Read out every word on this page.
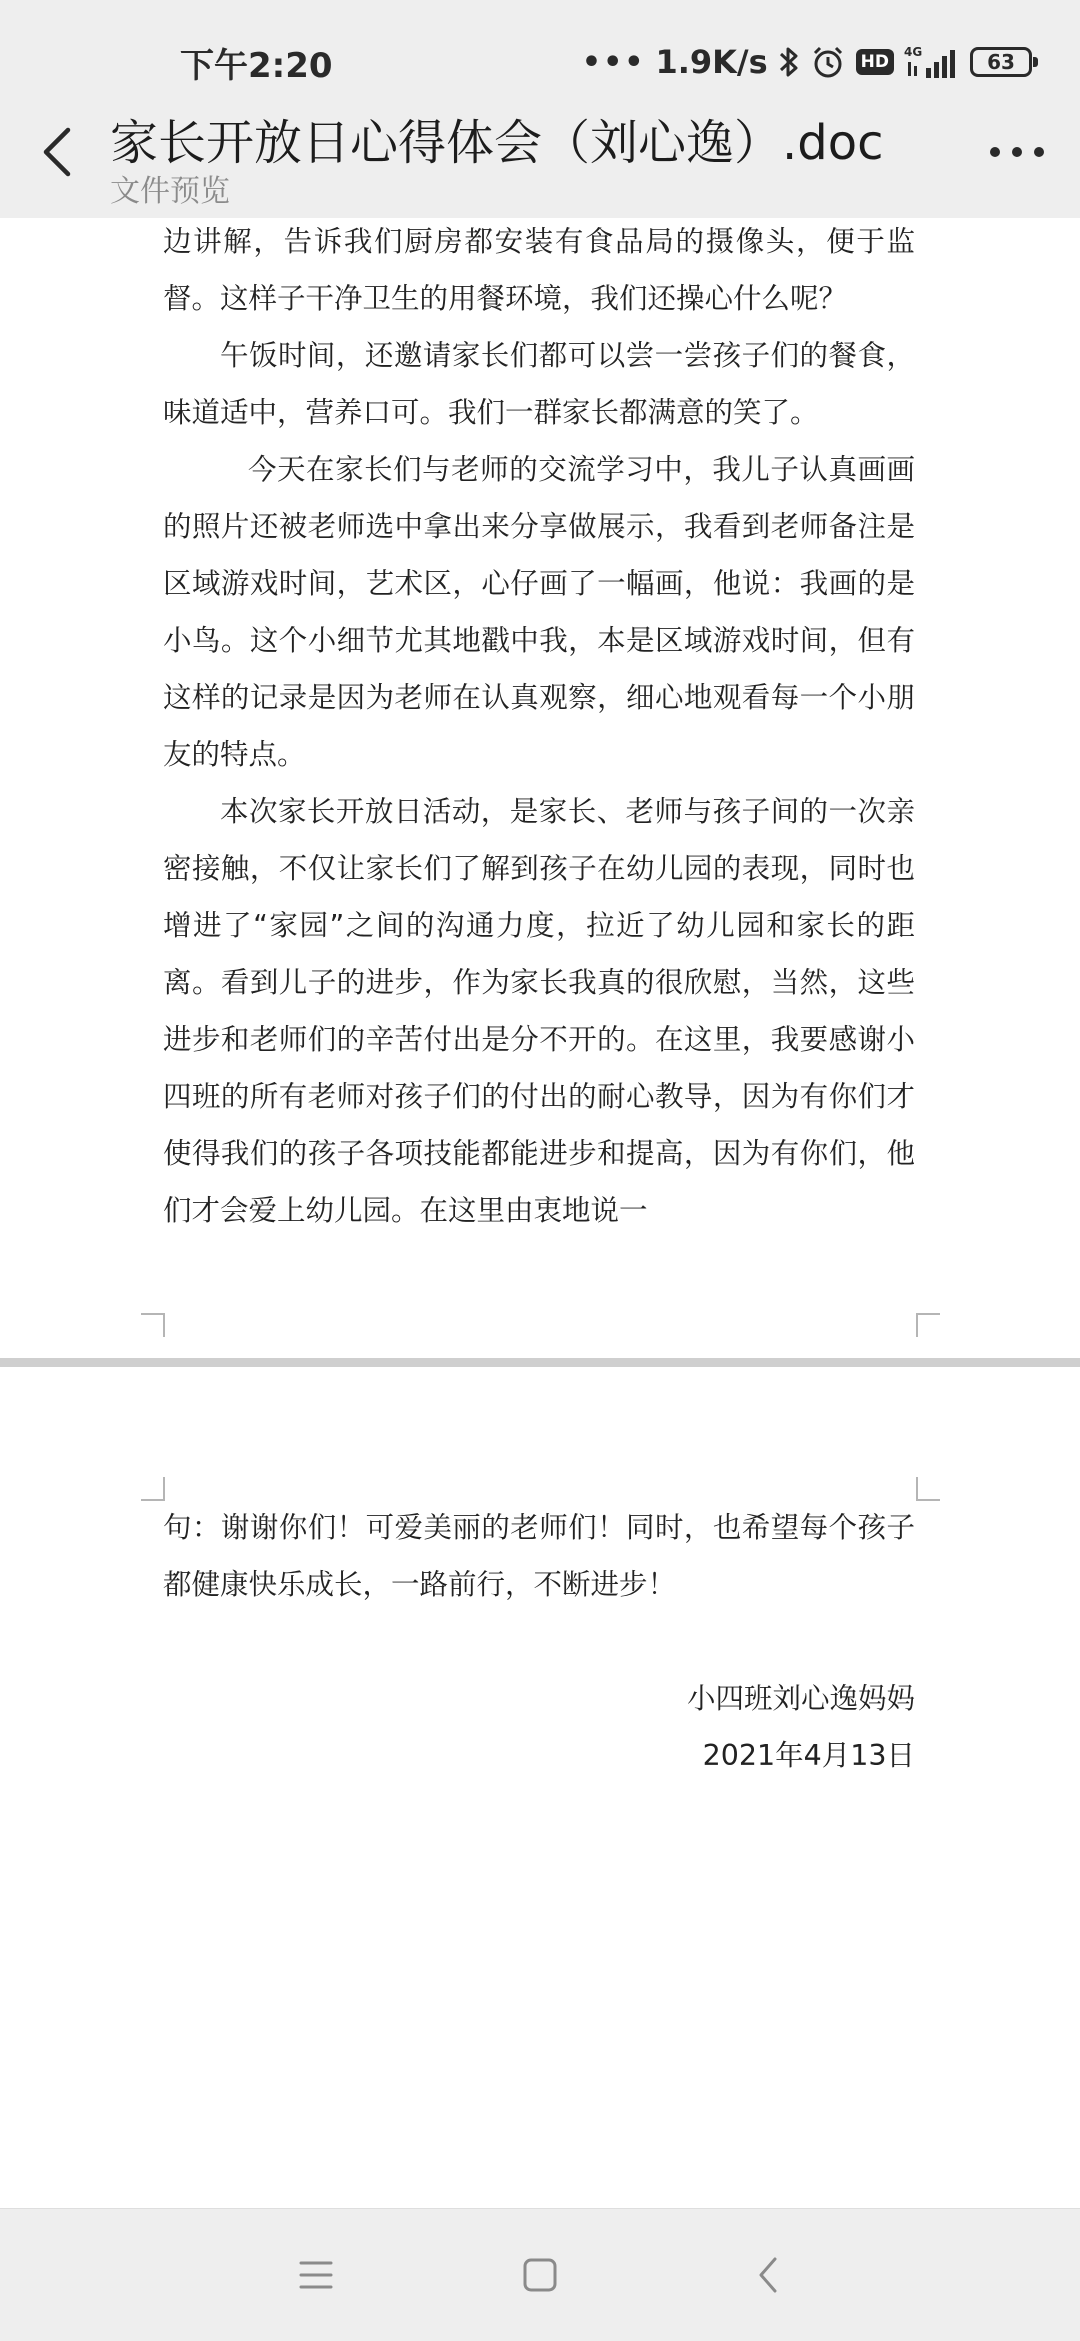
下午2:20	••• 1.9K/s	HD	4G	63
家长开放日心得体会（刘心逸）.doc
文件预览

边讲解，告诉我们厨房都安装有食品局的摄像头，便于监督。这样子干净卫生的用餐环境，我们还操心什么呢？

午饭时间，还邀请家长们都可以尝一尝孩子们的餐食，味道适中，营养口可。我们一群家长都满意的笑了。

今天在家长们与老师的交流学习中，我儿子认真画画的照片还被老师选中拿出来分享做展示，我看到老师备注是区域游戏时间，艺术区，心仔画了一幅画，他说：我画的是小鸟。这个小细节尤其地戳中我，本是区域游戏时间，但有这样的记录是因为老师在认真观察，细心地观看每一个小朋友的特点。

本次家长开放日活动，是家长、老师与孩子间的一次亲密接触，不仅让家长们了解到孩子在幼儿园的表现，同时也增进了“家园”之间的沟通力度，拉近了幼儿园和家长的距离。看到儿子的进步，作为家长我真的很欣慰，当然，这些进步和老师们的辛苦付出是分不开的。在这里，我要感谢小四班的所有老师对孩子们的付出的耐心教导，因为有你们才使得我们的孩子各项技能都能进步和提高，因为有你们，他们才会爱上幼儿园。在这里由衷地说一

句：谢谢你们！可爱美丽的老师们！同时，也希望每个孩子都健康快乐成长，一路前行，不断进步！

小四班刘心逸妈妈

2021年4月13日
